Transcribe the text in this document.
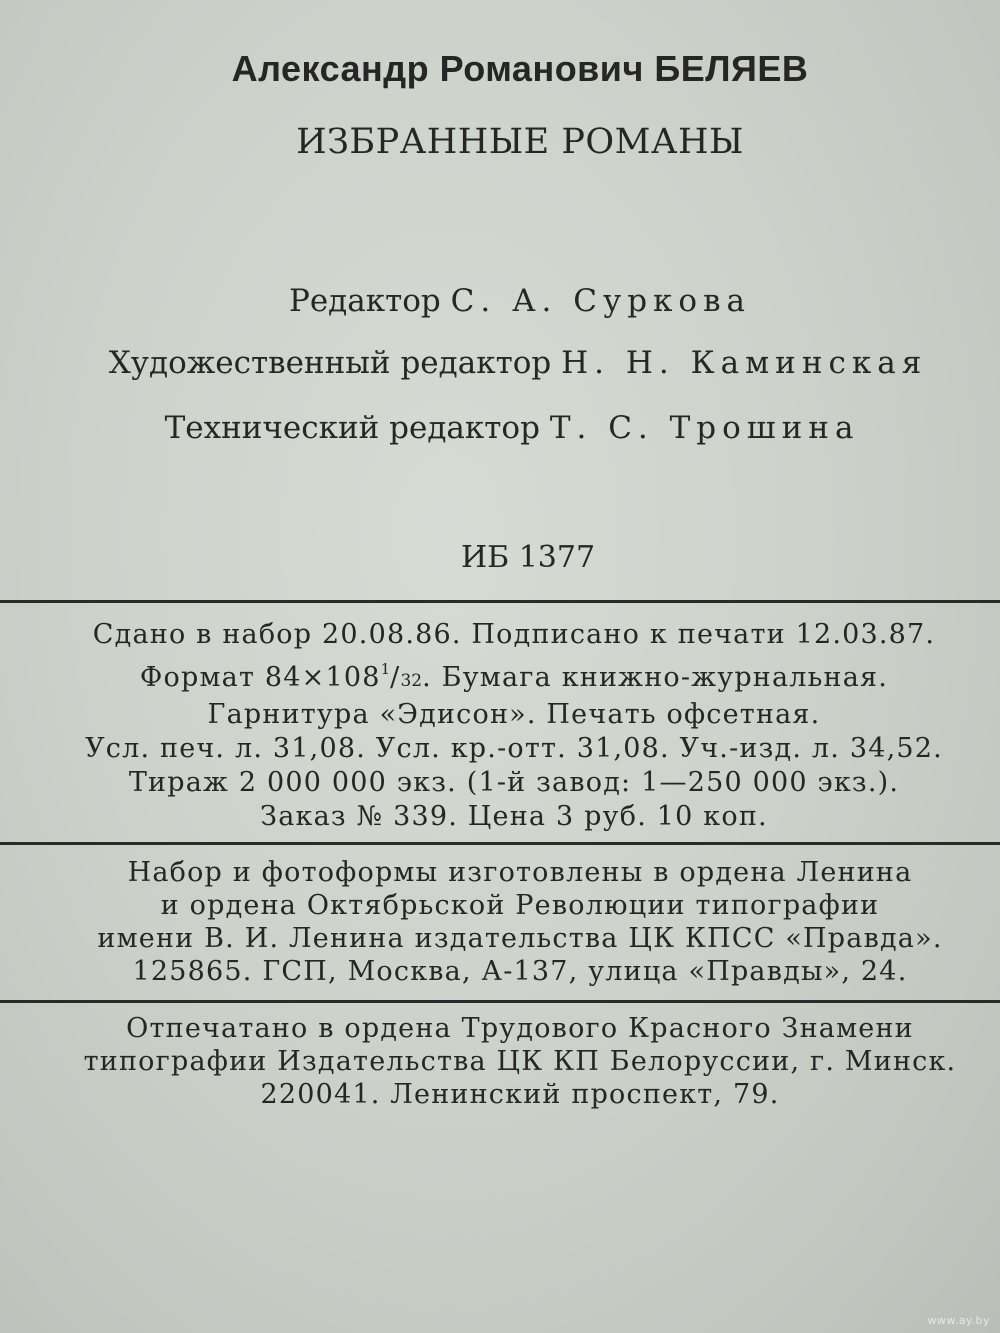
Александр Романович БЕЛЯЕВ
ИЗБРАННЫЕ РОМАНЫ
Редактор С. А. Суркова
Художественный редактор Н. Н. Каминская
Технический редактор Т. С. Трошина
ИБ 1377
Сдано в набор 20.08.86. Подписано к печати 12.03.87.
Формат $84\times 108^1/32$. Бумага книжно-журнальная.
Гарнитура «Эдисон». Печать офсетная.
Усл. печ. л. 31,08. Усл. кр.-отт. 31,08. Уч.-изд. л. 34,52.
Тираж 2 000 000 экз. (1-й завод: 1—250 000 экз.).
Заказ № 339. Цена 3 руб. 10 коп.
Набор и фотоформы изготовлены в ордена Ленина
и ордена Октябрьской Революции типографии
имени В. И. Ленина издательства ЦК КПСС «Правда».
125865. ГСП, Москва, А-137, улица «Правды», 24.
Отпечатано в ордена Трудового Красного Знамени
типографии Издательства ЦК КП Белоруссии, г. Минск.
220041. Ленинский проспект, 79.
www.ay.by
